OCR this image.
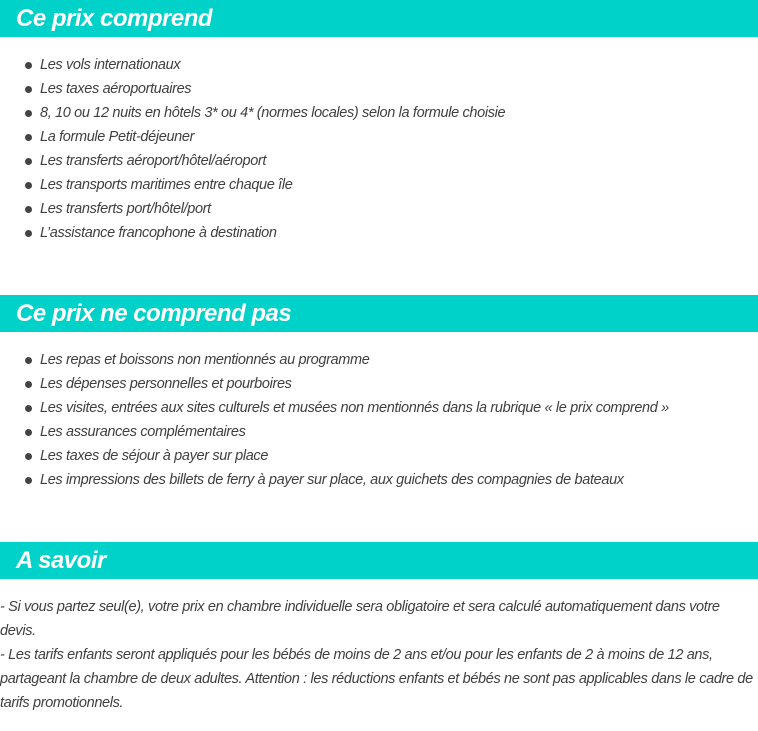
Ce prix comprend
Les vols internationaux
Les taxes aéroportuaires
8, 10 ou 12 nuits en hôtels 3* ou 4* (normes locales) selon la formule choisie
La formule Petit-déjeuner
Les transferts aéroport/hôtel/aéroport
Les transports maritimes entre chaque île
Les transferts port/hôtel/port
L’assistance francophone à destination
Ce prix ne comprend pas
Les repas et boissons non mentionnés au programme
Les dépenses personnelles et pourboires
Les visites, entrées aux sites culturels et musées non mentionnés dans la rubrique « le prix comprend »
Les assurances complémentaires
Les taxes de séjour à payer sur place
Les impressions des billets de ferry à payer sur place, aux guichets des compagnies de bateaux
A savoir

- Si vous partez seul(e), votre prix en chambre individuelle sera obligatoire et sera calculé automatiquement dans votre devis.

- Les tarifs enfants seront appliqués pour les bébés de moins de 2 ans et/ou pour les enfants de 2 à moins de 12 ans, partageant la chambre de deux adultes. Attention : les réductions enfants et bébés ne sont pas applicables dans le cadre de tarifs promotionnels.
